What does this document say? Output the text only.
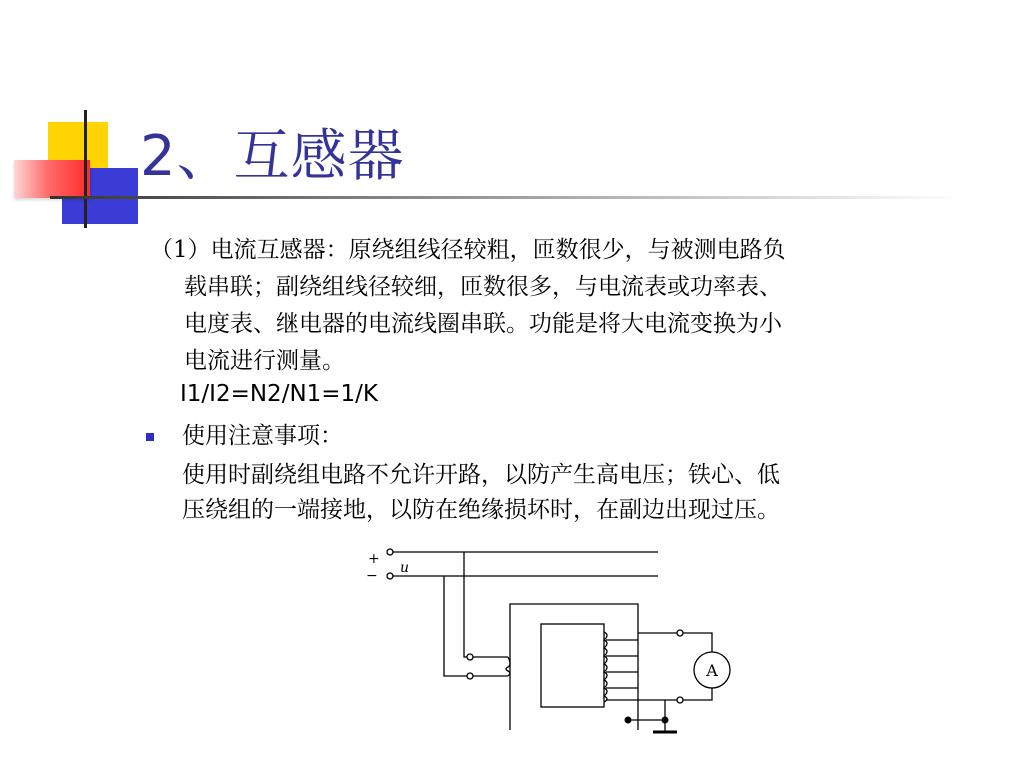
2、互感器
（1）电流互感器：原绕组线径较粗，匝数很少，与被测电路负
载串联；副绕组线径较细，匝数很多，与电流表或功率表、
电度表、继电器的电流线圈串联。功能是将大电流变换为小
电流进行测量。
I1/I2=N2/N1=1/K
使用注意事项：
使用时副绕组电路不允许开路，以防产生高电压；铁心、低
压绕组的一端接地，以防在绝缘损坏时，在副边出现过压。
+
− u
A
